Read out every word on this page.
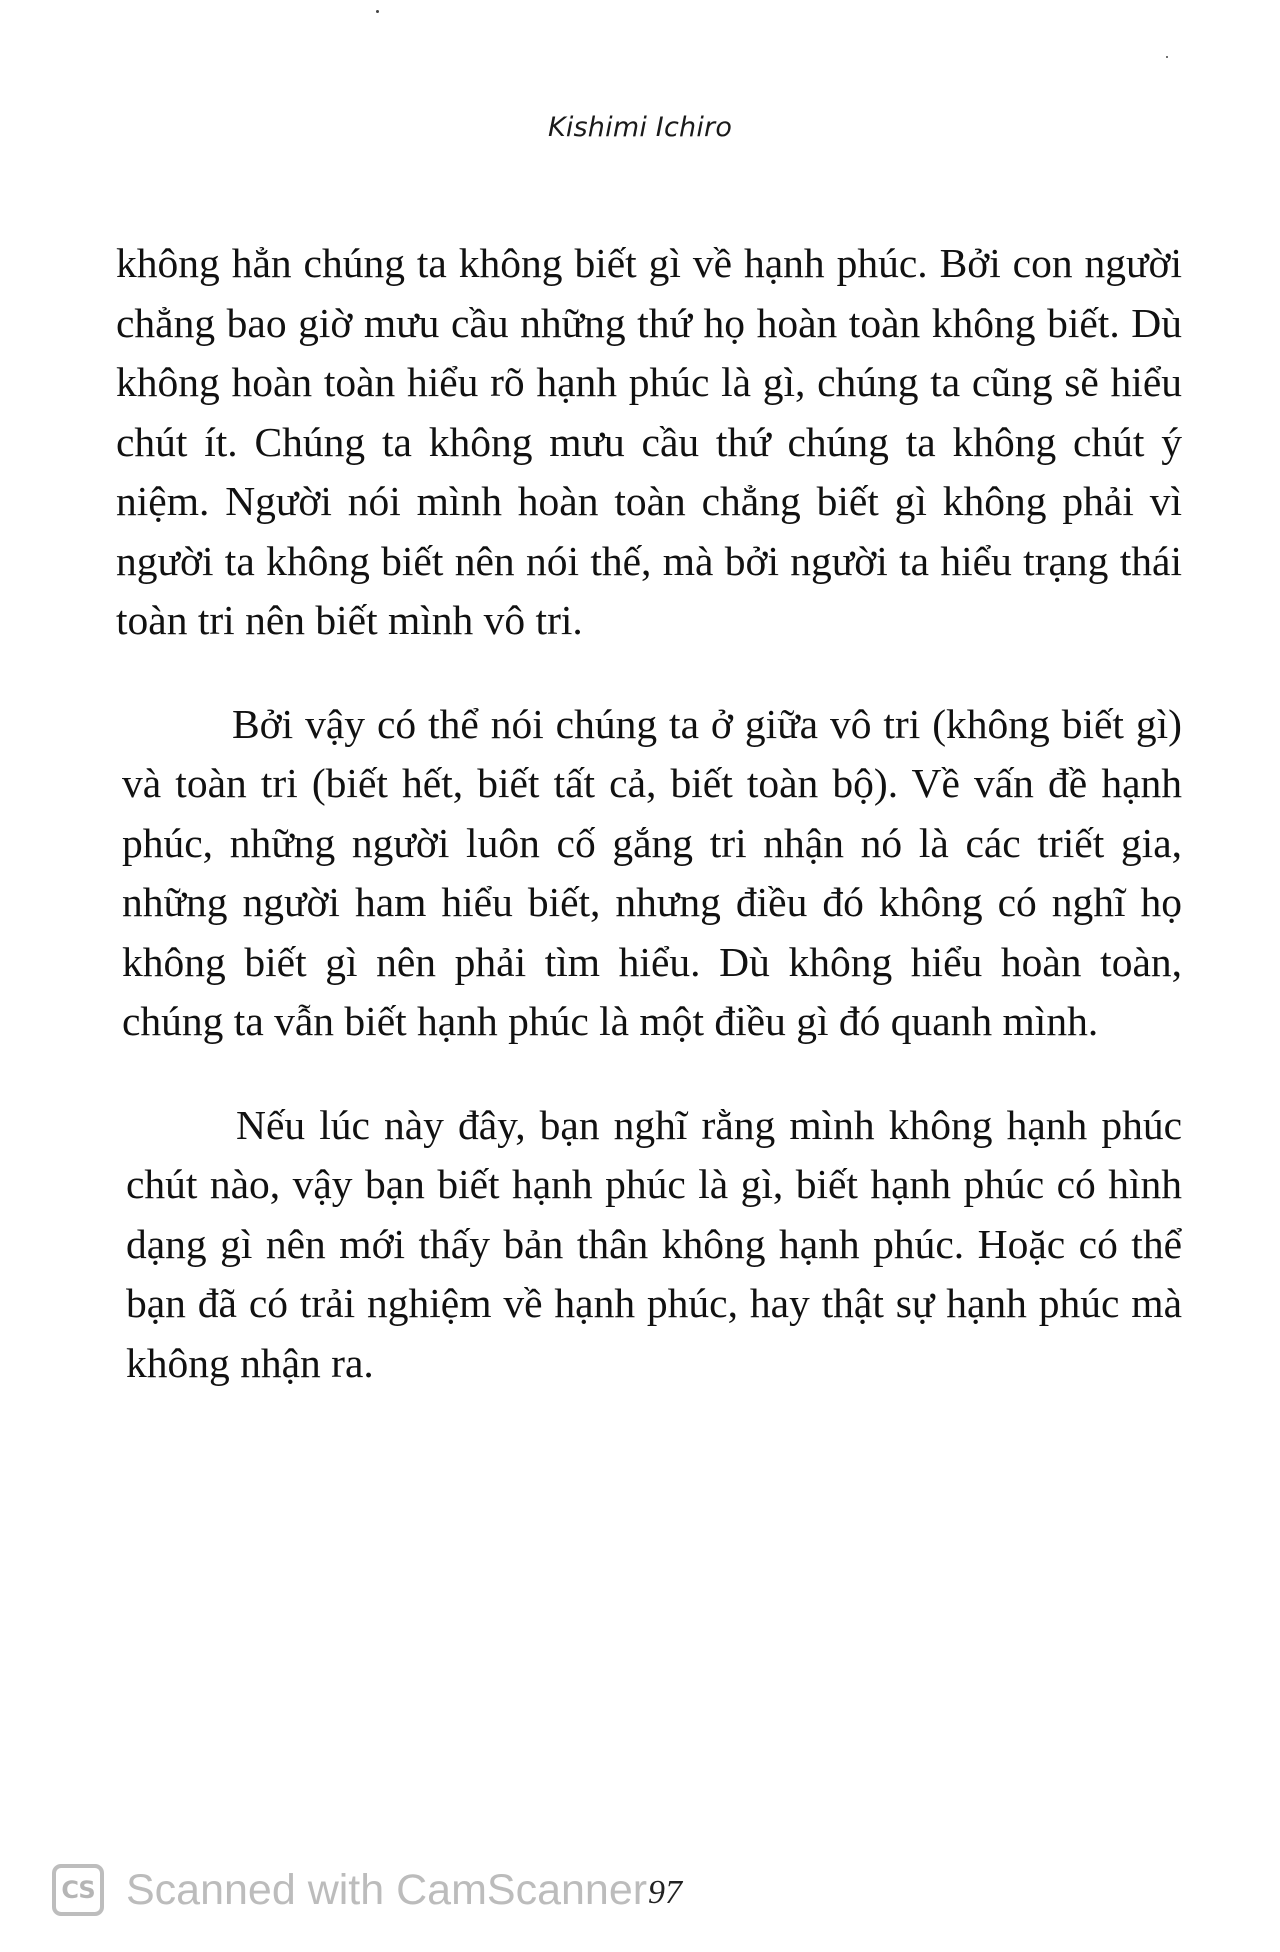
Kishimi Ichiro

không hẳn chúng ta không biết gì về hạnh phúc. Bởi con người chẳng bao giờ mưu cầu những thứ họ hoàn toàn không biết. Dù không hoàn toàn hiểu rõ hạnh phúc là gì, chúng ta cũng sẽ hiểu chút ít. Chúng ta không mưu cầu thứ chúng ta không chút ý niệm. Người nói mình hoàn toàn chẳng biết gì không phải vì người ta không biết nên nói thế, mà bởi người ta hiểu trạng thái toàn tri nên biết mình vô tri.

Bởi vậy có thể nói chúng ta ở giữa vô tri (không biết gì) và toàn tri (biết hết, biết tất cả, biết toàn bộ). Về vấn đề hạnh phúc, những người luôn cố gắng tri nhận nó là các triết gia, những người ham hiểu biết, nhưng điều đó không có nghĩ họ không biết gì nên phải tìm hiểu. Dù không hiểu hoàn toàn, chúng ta vẫn biết hạnh phúc là một điều gì đó quanh mình.

Nếu lúc này đây, bạn nghĩ rằng mình không hạnh phúc chút nào, vậy bạn biết hạnh phúc là gì, biết hạnh phúc có hình dạng gì nên mới thấy bản thân không hạnh phúc. Hoặc có thể bạn đã có trải nghiệm về hạnh phúc, hay thật sự hạnh phúc mà không nhận ra.

CS Scanned with CamScanner 97
